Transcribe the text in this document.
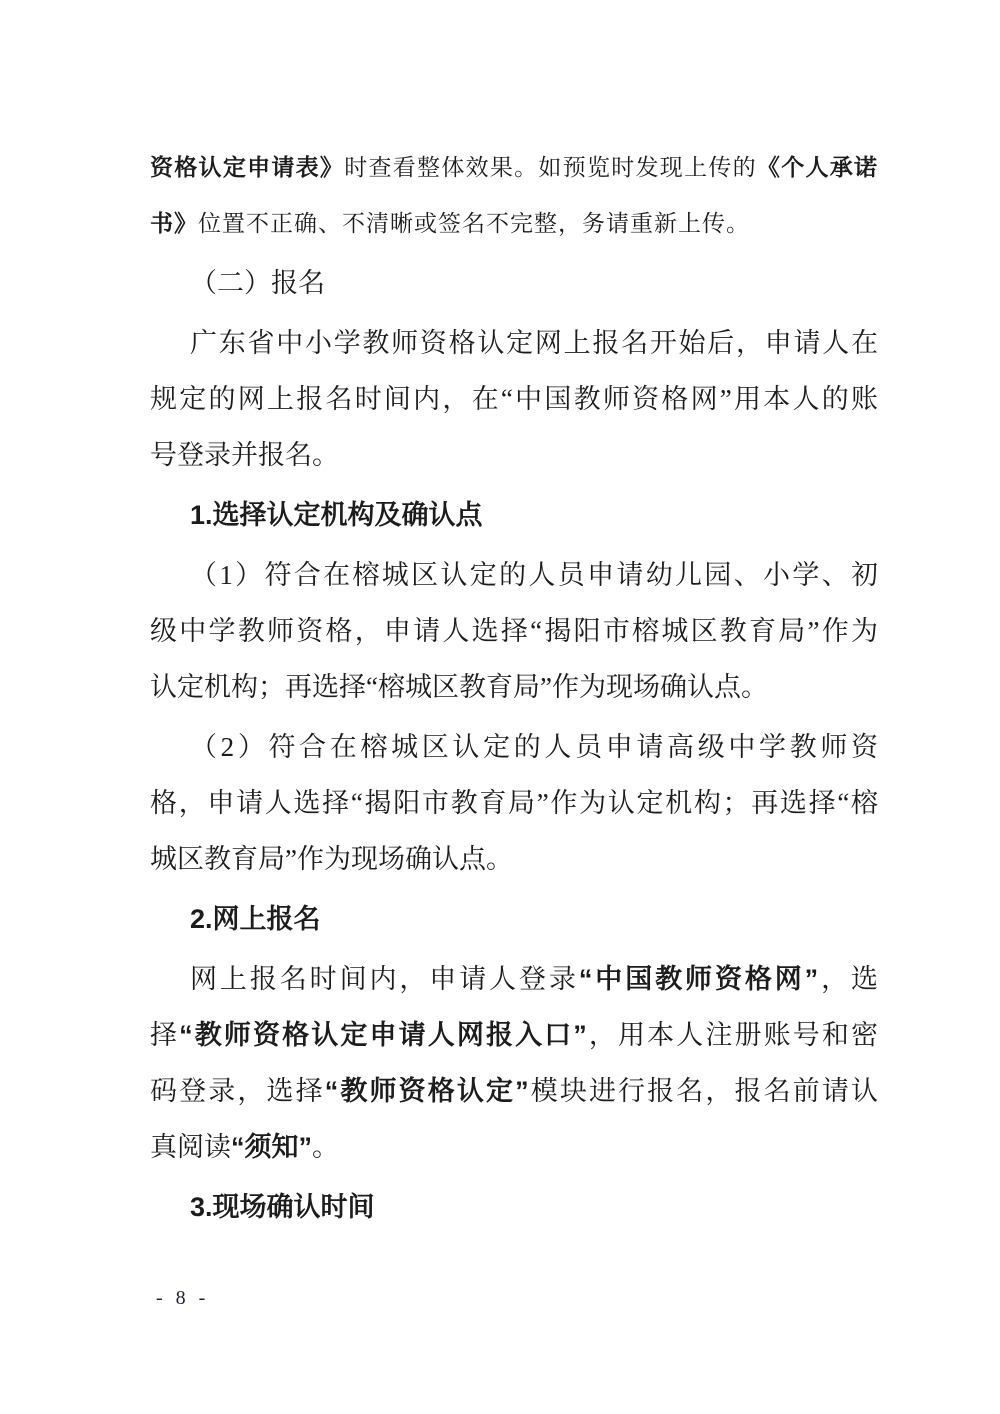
资格认定申请表》时查看整体效果。如预览时发现上传的《个人承诺
书》位置不正确、不清晰或签名不完整，务请重新上传。
（二）报名
广东省中小学教师资格认定网上报名开始后，申请人在
规定的网上报名时间内，在“中国教师资格网”用本人的账
号登录并报名。
1.选择认定机构及确认点
（1）符合在榕城区认定的人员申请幼儿园、小学、初
级中学教师资格，申请人选择“揭阳市榕城区教育局”作为
认定机构；再选择“榕城区教育局”作为现场确认点。
（2）符合在榕城区认定的人员申请高级中学教师资
格，申请人选择“揭阳市教育局”作为认定机构；再选择“榕
城区教育局”作为现场确认点。
2.网上报名
网上报名时间内，申请人登录“中国教师资格网”，选
择“教师资格认定申请人网报入口”，用本人注册账号和密
码登录，选择“教师资格认定”模块进行报名，报名前请认
真阅读“须知”。
3.现场确认时间
- 8 -
